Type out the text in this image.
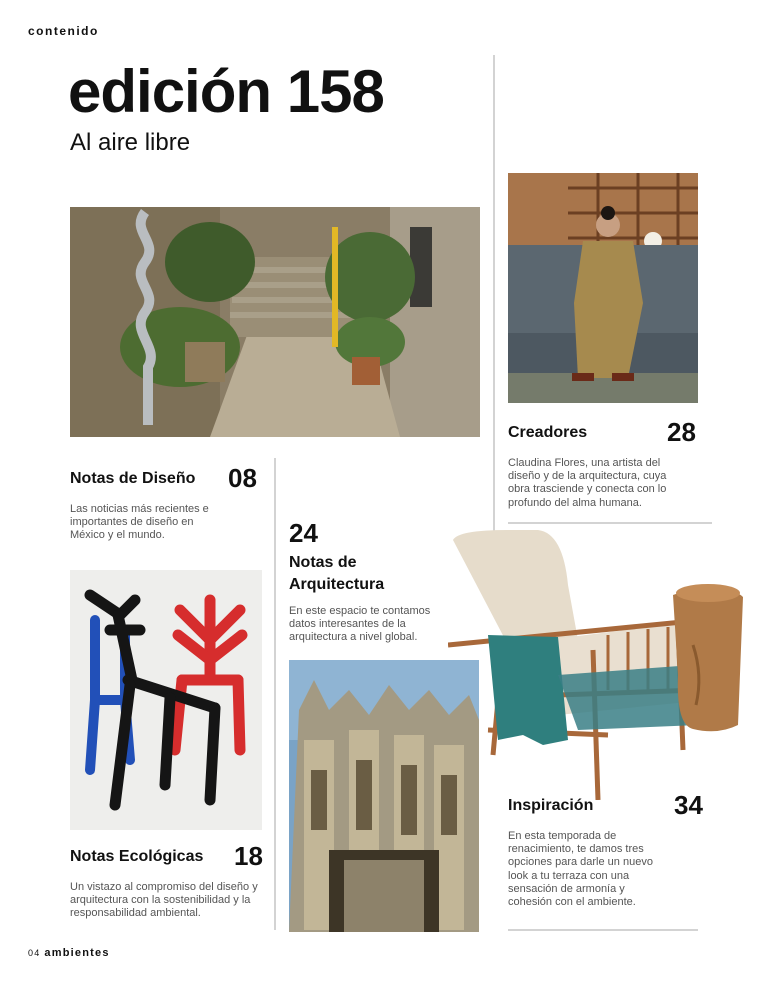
contenido
edición 158
Al aire libre
Notas de Diseño 08
Las noticias más recientes e importantes de diseño en México y el mundo.
Notas Ecológicas 18
Un vistazo al compromiso del diseño y arquitectura con la sostenibilidad y la responsabilidad ambiental.
24
Notas de Arquitectura
En este espacio te contamos datos interesantes de la arquitectura a nivel global.
Creadores	28
Claudina Flores, una artista del diseño y de la arquitectura, cuya obra trasciende y conecta con lo profundo del alma humana.
Inspiración	34
En esta temporada de renacimiento, te damos tres opciones para darle un nuevo look a tu terraza con una sensación de armonía y cohesión con el ambiente.
04 ambientes
